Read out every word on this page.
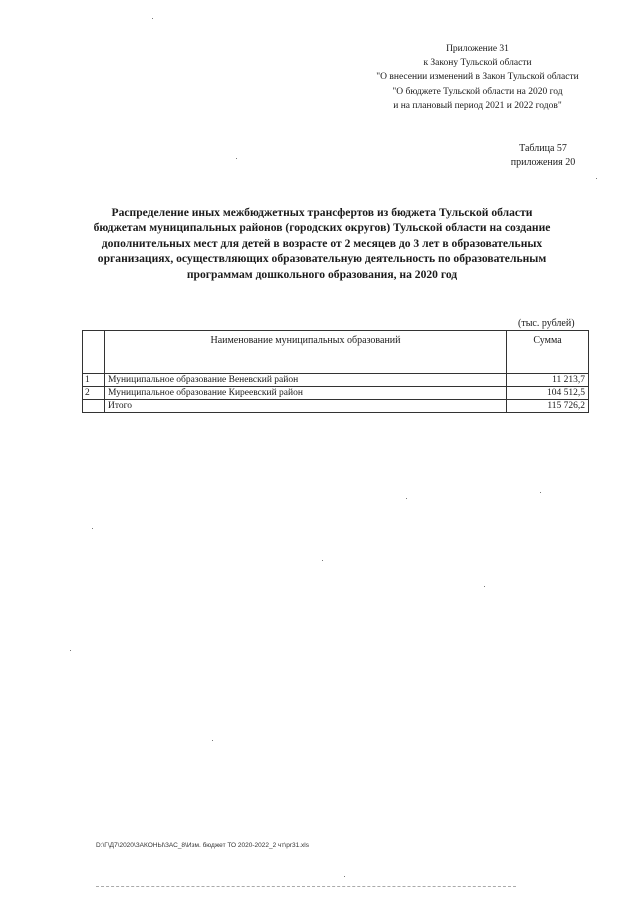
Приложение 31
к Закону Тульской области
"О внесении изменений в Закон Тульской области
"О бюджете Тульской области на 2020 год
и на плановый период 2021 и 2022 годов"
Таблица 57
приложения 20
Распределение иных межбюджетных трансфертов из бюджета Тульской области
бюджетам муниципальных районов (городских округов) Тульской области на создание
дополнительных мест для детей в возрасте от 2 месяцев до 3 лет в образовательных
организациях, осуществляющих образовательную деятельность по образовательным
программам дошкольного образования, на 2020 год
(тыс. рублей)
	Наименование муниципальных образований	Сумма
1	Муниципальное образование Веневский район	11 213,7
2	Муниципальное образование Киреевский район	104 512,5
	Итого	115 726,2
D:\Г\Д7\2020\ЗАКОНЫ\ЗАС_8\Изм. бюджет ТО 2020-2022_2 чт\pr31.xls
